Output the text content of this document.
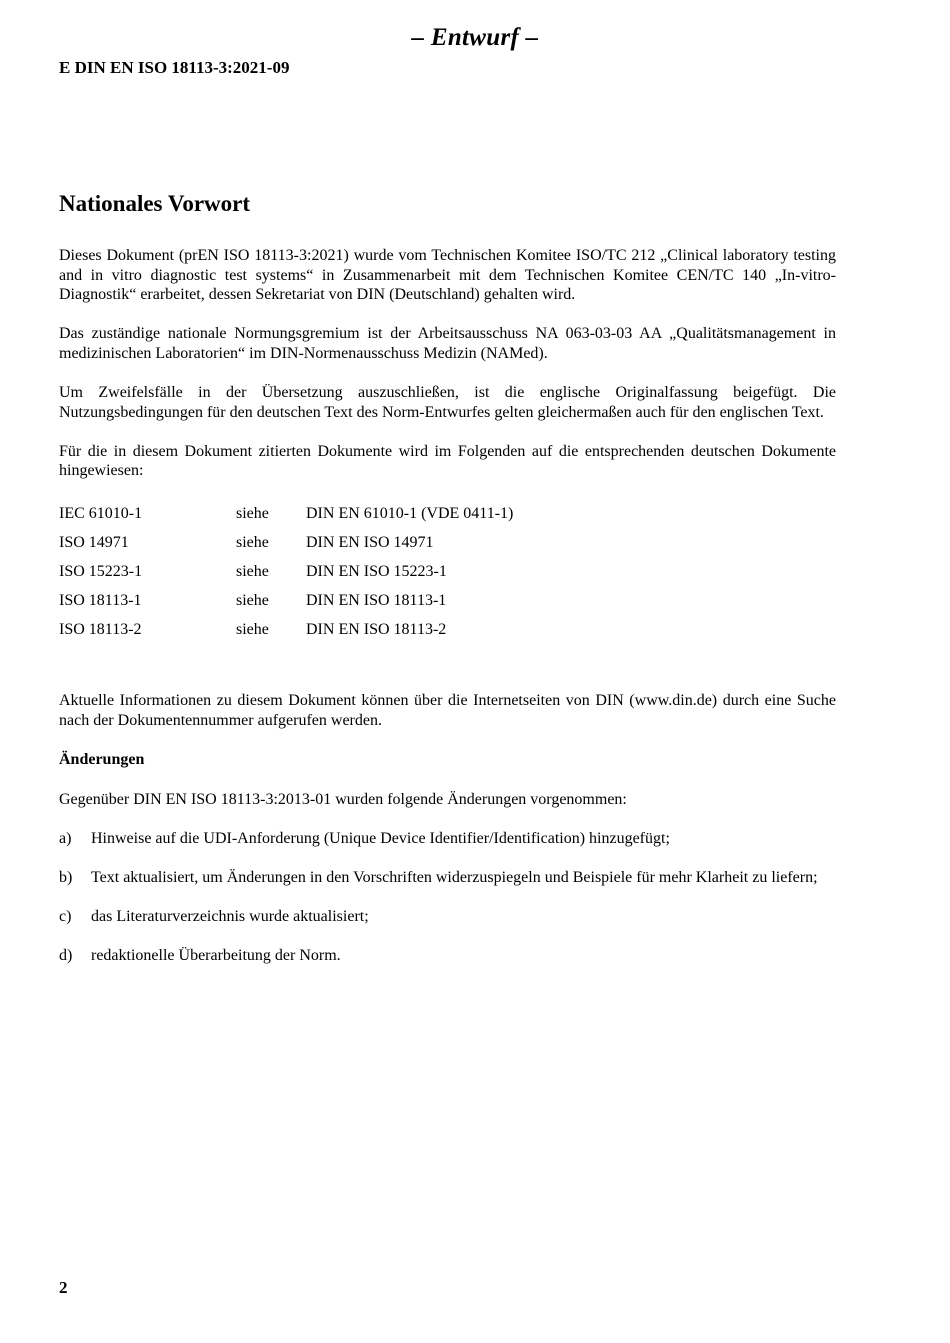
– Entwurf –
E DIN EN ISO 18113-3:2021-09
Nationales Vorwort

Dieses Dokument (prEN ISO 18113-3:2021) wurde vom Technischen Komitee ISO/TC 212 „Clinical laboratory testing and in vitro diagnostic test systems“ in Zusammenarbeit mit dem Technischen Komitee CEN/TC 140 „In-vitro-Diagnostik“ erarbeitet, dessen Sekretariat von DIN (Deutschland) gehalten wird.

Das zuständige nationale Normungsgremium ist der Arbeitsausschuss NA 063-03-03 AA „Qualitätsmanagement in medizinischen Laboratorien“ im DIN-Normenausschuss Medizin (NAMed).

Um Zweifelsfälle in der Übersetzung auszuschließen, ist die englische Originalfassung beigefügt. Die Nutzungsbedingungen für den deutschen Text des Norm-Entwurfes gelten gleichermaßen auch für den englischen Text.

Für die in diesem Dokument zitierten Dokumente wird im Folgenden auf die entsprechenden deutschen Dokumente hingewiesen:

IEC 61010-1	siehe	DIN EN 61010-1 (VDE 0411-1)
ISO 14971	siehe	DIN EN ISO 14971
ISO 15223-1	siehe	DIN EN ISO 15223-1
ISO 18113-1	siehe	DIN EN ISO 18113-1
ISO 18113-2	siehe	DIN EN ISO 18113-2

Aktuelle Informationen zu diesem Dokument können über die Internetseiten von DIN (www.din.de) durch eine Suche nach der Dokumentennummer aufgerufen werden.

Änderungen

Gegenüber DIN EN ISO 18113-3:2013-01 wurden folgende Änderungen vorgenommen:

a)	Hinweise auf die UDI-Anforderung (Unique Device Identifier/Identification) hinzugefügt;
b)	Text aktualisiert, um Änderungen in den Vorschriften widerzuspiegeln und Beispiele für mehr Klarheit zu liefern;
c)	das Literaturverzeichnis wurde aktualisiert;
d)	redaktionelle Überarbeitung der Norm.
2
